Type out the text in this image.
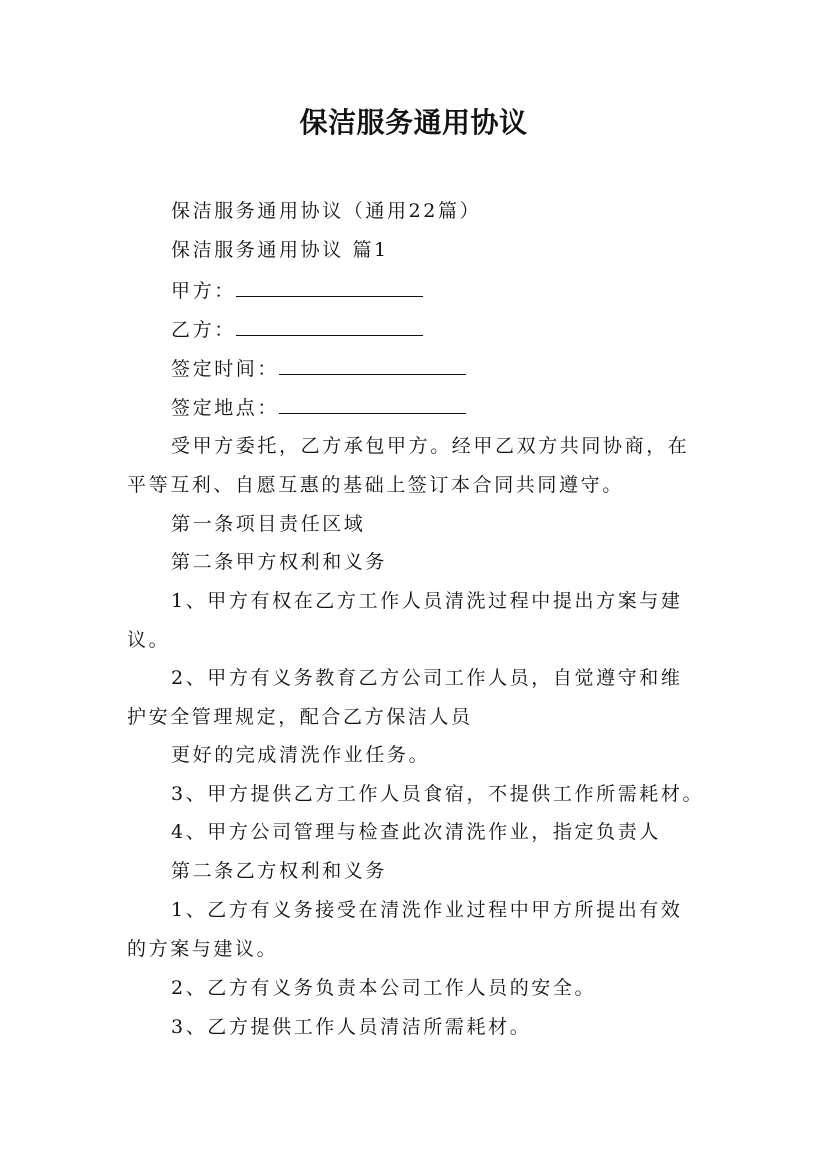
保洁服务通用协议
保洁服务通用协议（通用22篇）
保洁服务通用协议 篇1
甲方：
乙方：
签定时间：
签定地点：
受甲方委托，乙方承包甲方。经甲乙双方共同协商，在
平等互利、自愿互惠的基础上签订本合同共同遵守。
第一条项目责任区域
第二条甲方权利和义务
1、甲方有权在乙方工作人员清洗过程中提出方案与建
议。
2、甲方有义务教育乙方公司工作人员，自觉遵守和维
护安全管理规定，配合乙方保洁人员
更好的完成清洗作业任务。
3、甲方提供乙方工作人员食宿，不提供工作所需耗材。
4、甲方公司管理与检查此次清洗作业，指定负责人
第二条乙方权利和义务
1、乙方有义务接受在清洗作业过程中甲方所提出有效
的方案与建议。
2、乙方有义务负责本公司工作人员的安全。
3、乙方提供工作人员清洁所需耗材。
